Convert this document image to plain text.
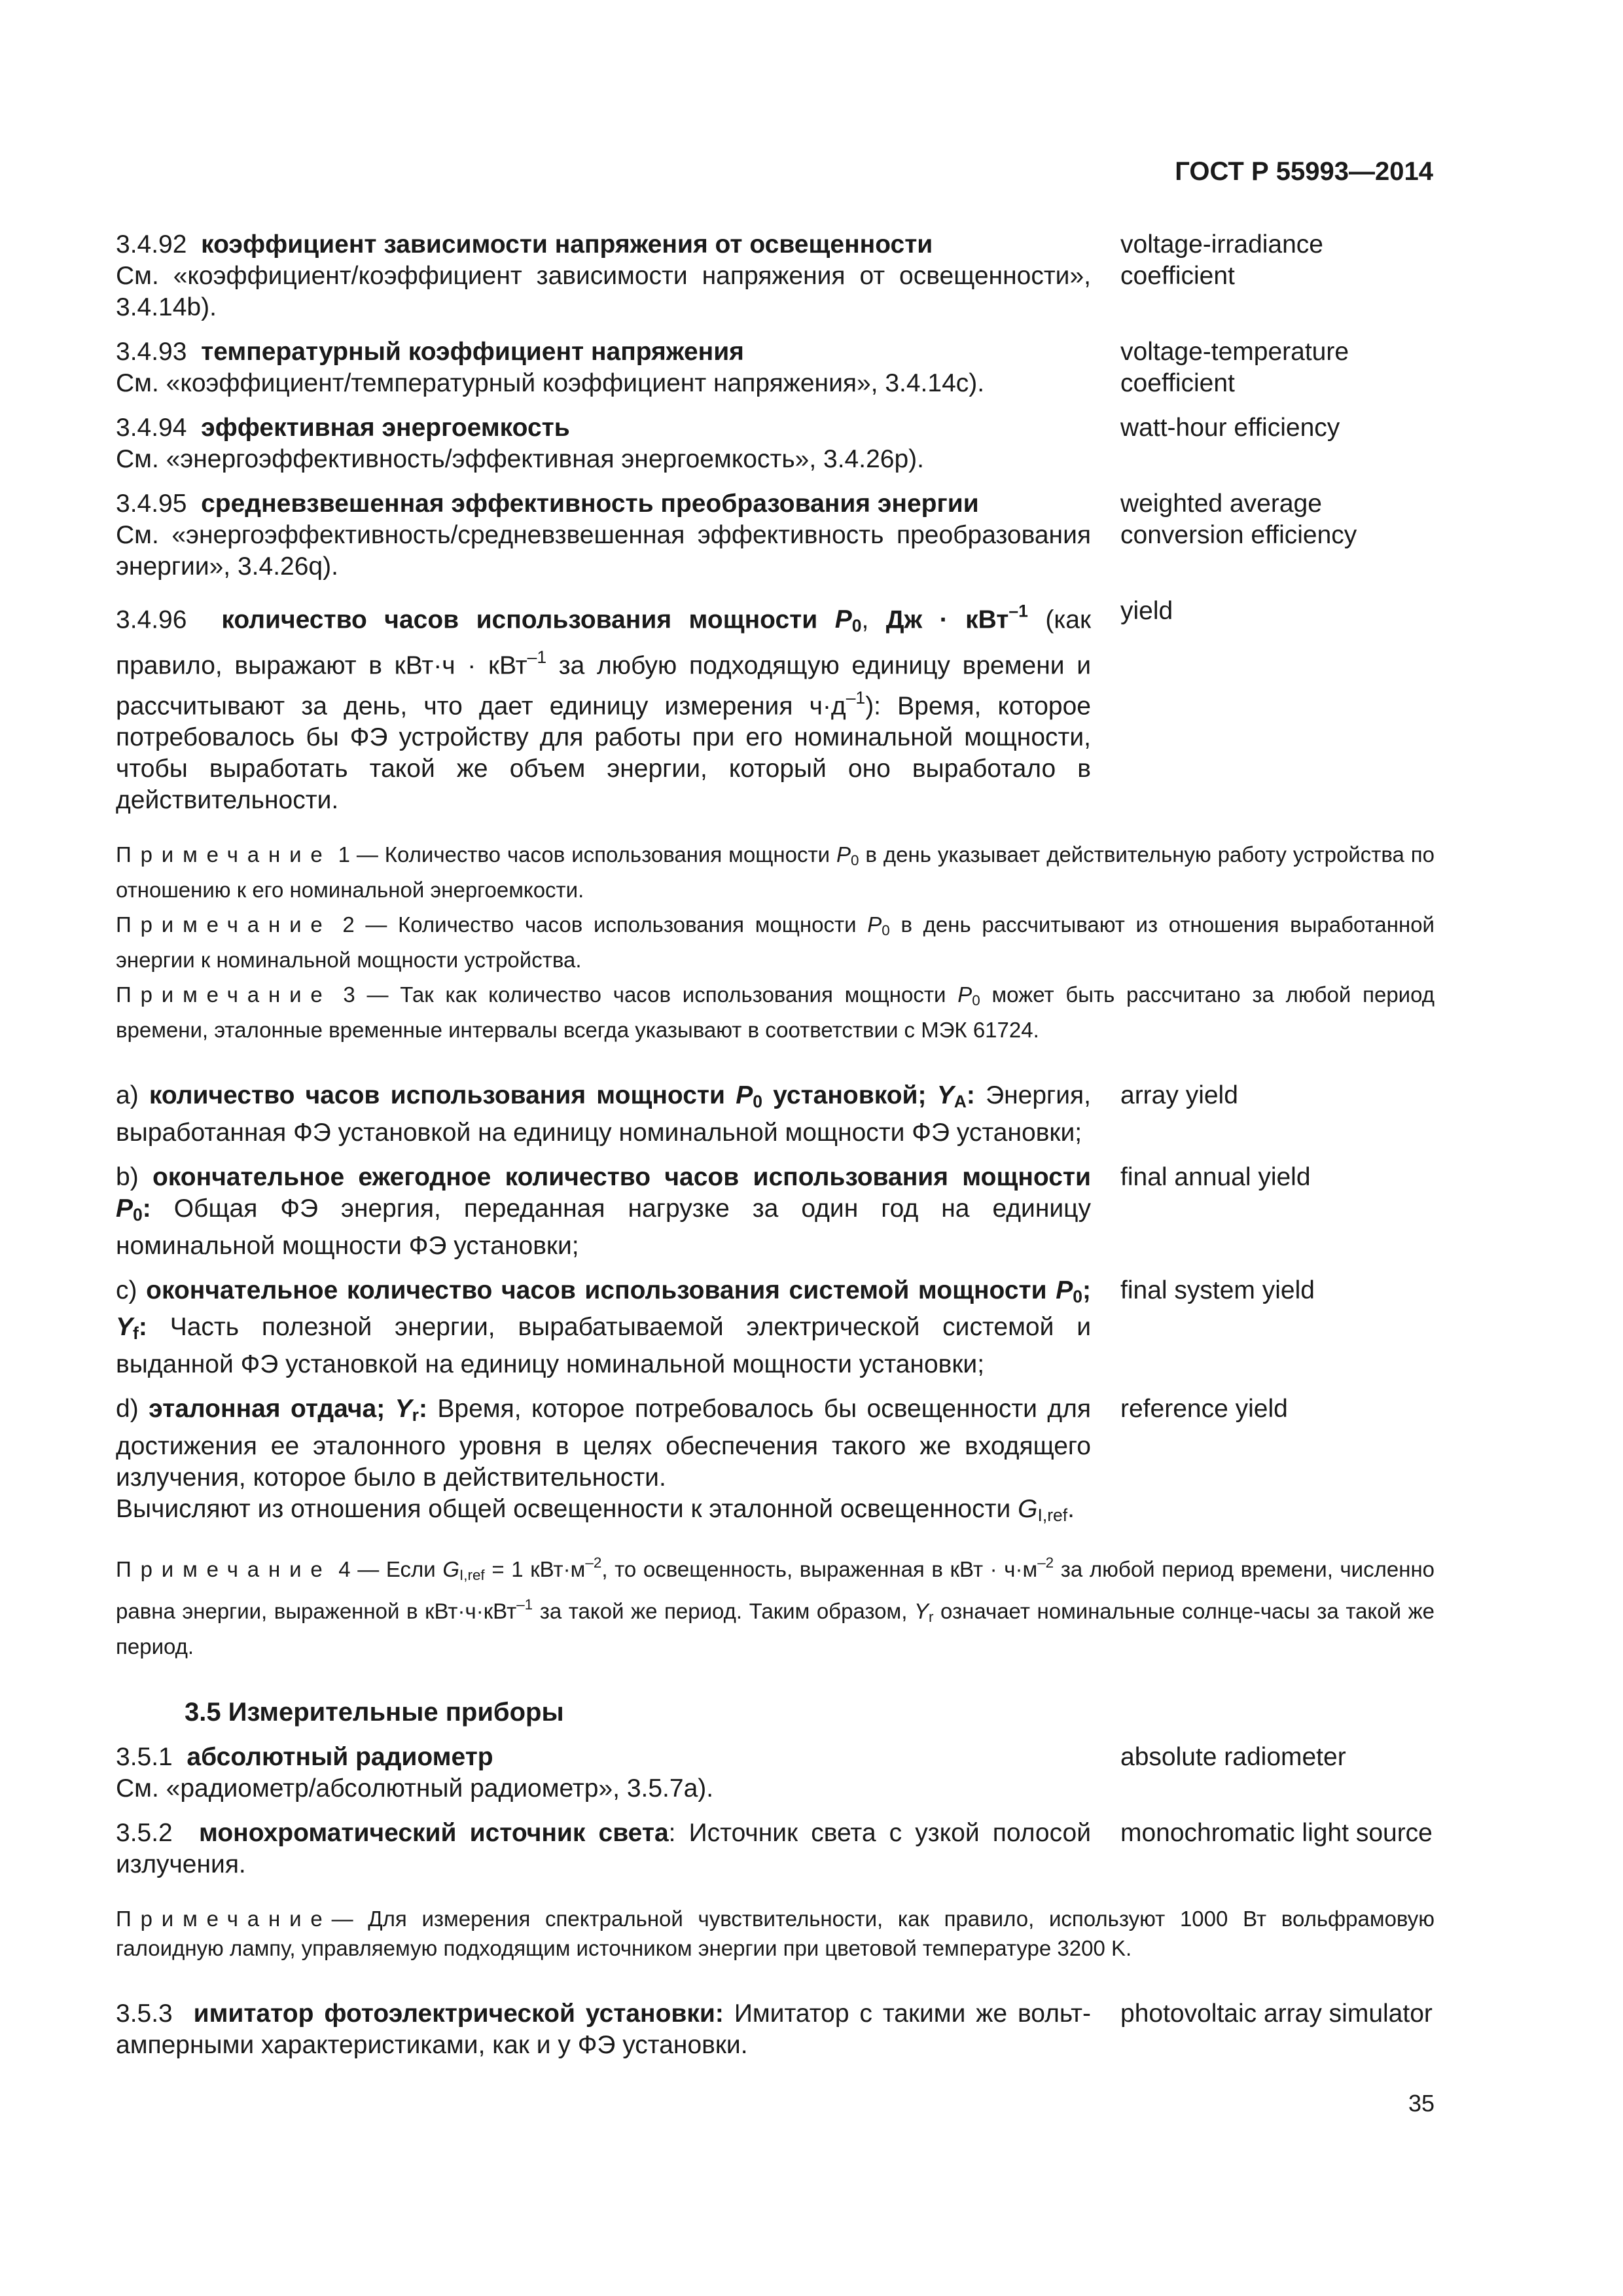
ГОСТ Р 55993—2014
3.4.92 коэффициент зависимости напряжения от освещенности
См. «коэффициент/коэффициент зависимости напряжения от освещенности», 3.4.14b).
voltage-irradiance coefficient
3.4.93 температурный коэффициент напряжения
См. «коэффициент/температурный коэффициент напряжения», 3.4.14c).
voltage-temperature coefficient
3.4.94 эффективная энергоемкость
См. «энергоэффективность/эффективная энергоемкость», 3.4.26p).
watt-hour efficiency
3.4.95 средневзвешенная эффективность преобразования энергии
См. «энергоэффективность/средневзвешенная эффективность преобразования энергии», 3.4.26q).
weighted average conversion efficiency
3.4.96 количество часов использования мощности $P_0$, Дж · кВт$^{-1}$ (как правило, выражают в кВт·ч · кВт$^{-1}$ за любую подходящую единицу времени и рассчитывают за день, что дает единицу измерения $ч\cdot д^{-1}$): Время, которое потребовалось бы ФЭ устройству для работы при его номинальной мощности, чтобы выработать такой же объем энергии, который оно выработало в действительности.
yield

Примечание 1 — Количество часов использования мощности $P_0$ в день указывает действительную работу устройства по отношению к его номинальной энергоемкости.

Примечание 2 — Количество часов использования мощности $P_0$ в день рассчитывают из отношения выработанной энергии к номинальной мощности устройства.

Примечание 3 — Так как количество часов использования мощности $P_0$ может быть рассчитано за любой период времени, эталонные временные интервалы всегда указывают в соответствии с МЭК 61724.

a) количество часов использования мощности $P_0$ установкой; $Y_A$: Энергия, выработанная ФЭ установкой на единицу номинальной мощности ФЭ установки;
array yield
b) окончательное ежегодное количество часов использования мощности $P_0$: Общая ФЭ энергия, переданная нагрузке за один год на единицу номинальной мощности ФЭ установки;
final annual yield
c) окончательное количество часов использования системой мощности $P_0$; $Y_f$: Часть полезной энергии, вырабатываемой электрической системой и выданной ФЭ установкой на единицу номинальной мощности установки;
final system yield
d) эталонная отдача; $Y_r$: Время, которое потребовалось бы освещенности для достижения ее эталонного уровня в целях обеспечения такого же входящего излучения, которое было в действительности.
Вычисляют из отношения общей освещенности к эталонной освещенности $G_{I,ref}$.
reference yield

Примечание 4 — Если $G_{I,ref} = 1$ $кВт\cdot м^{-2}$, то освещенность, выраженная в кВт · $ч\cdot м^{-2}$ за любой период времени, численно равна энергии, выраженной в кВт·ч·кВт$^{-1}$ за такой же период. Таким образом, $Y_r$ означает номинальные солнце-часы за такой же период.

3.5 Измерительные приборы
3.5.1 абсолютный радиометр
См. «радиометр/абсолютный радиометр», 3.5.7a).
absolute radiometer
3.5.2 монохроматический источник света: Источник света с узкой полосой излучения.
monochromatic light source

Примечание— Для измерения спектральной чувствительности, как правило, используют 1000 Вт вольфрамовую галоидную лампу, управляемую подходящим источником энергии при цветовой температуре 3200 K.

3.5.3 имитатор фотоэлектрической установки: Имитатор с такими же вольт-амперными характеристиками, как и у ФЭ установки.
photovoltaic array simulator
35
